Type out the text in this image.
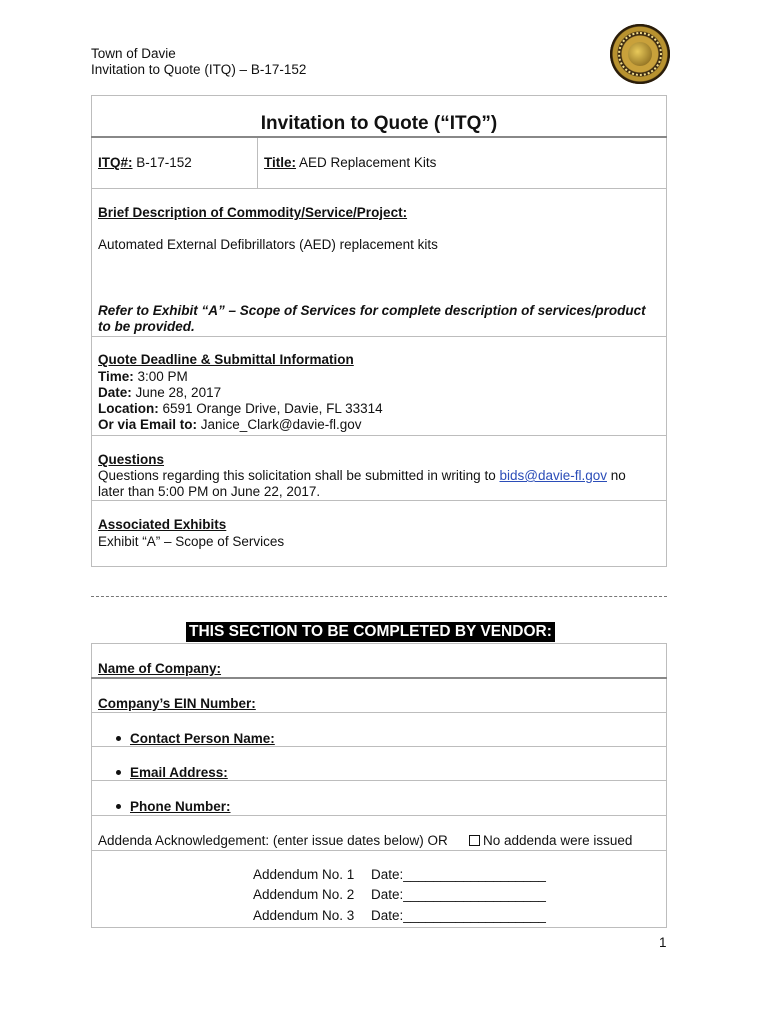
Town of Davie
Invitation to Quote (ITQ) – B-17-152
Invitation to Quote (“ITQ”)
ITQ#: B-17-152	Title: AED Replacement Kits
Brief Description of Commodity/Service/Project:
Automated External Defibrillators (AED) replacement kits
Refer to Exhibit “A” – Scope of Services for complete description of services/product
to be provided.
Quote Deadline & Submittal Information
Time: 3:00 PM
Date: June 28, 2017
Location: 6591 Orange Drive, Davie, FL 33314
Or via Email to: Janice_Clark@davie-fl.gov
Questions
Questions regarding this solicitation shall be submitted in writing to bids@davie-fl.gov no
later than 5:00 PM on June 22, 2017.
Associated Exhibits
Exhibit “A” – Scope of Services
THIS SECTION TO BE COMPLETED BY VENDOR:
Name of Company:
Company’s EIN Number:
Contact Person Name:
Email Address:
Phone Number:
Addenda Acknowledgement: (enter issue dates below) OR	No addenda were issued
Addendum No. 1 Date:___________________
Addendum No. 2 Date:___________________
Addendum No. 3 Date:___________________
1
